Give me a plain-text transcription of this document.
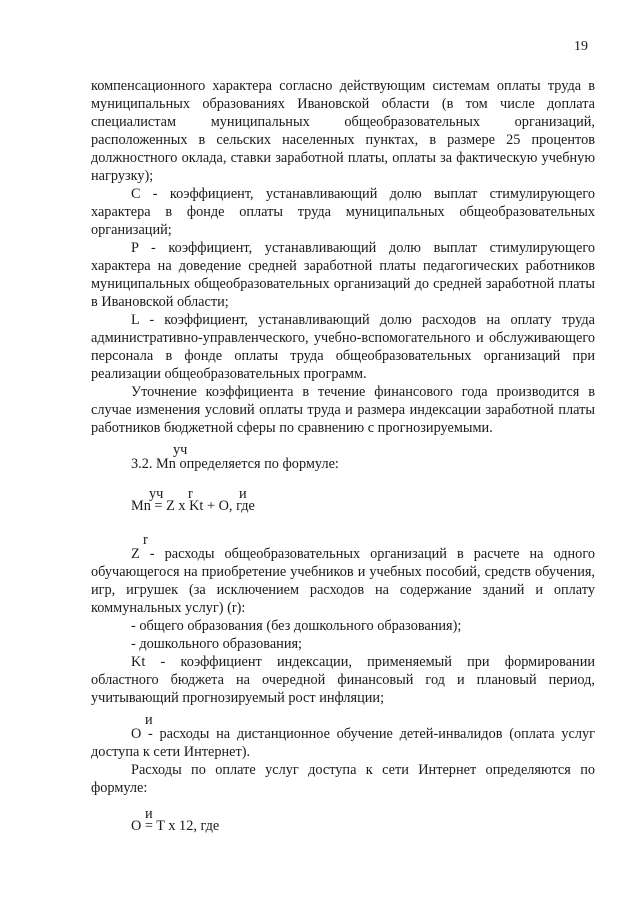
19

компенсационного характера согласно действующим системам оплаты труда в муниципальных образованиях Ивановской области (в том числе доплата специалистам муниципальных общеобразовательных организаций, расположенных в сельских населенных пунктах, в размере 25 процентов должностного оклада, ставки заработной платы, оплаты за фактическую учебную нагрузку);

C - коэффициент, устанавливающий долю выплат стимулирующего характера в фонде оплаты труда муниципальных общеобразовательных организаций;

P - коэффициент, устанавливающий долю выплат стимулирующего характера на доведение средней заработной платы педагогических работников муниципальных общеобразовательных организаций до средней заработной платы в Ивановской области;

L - коэффициент, устанавливающий долю расходов на оплату труда административно-управленческого, учебно-вспомогательного и обслуживающего персонала в фонде оплаты труда общеобразовательных организаций при реализации общеобразовательных программ.

Уточнение коэффициента в течение финансового года производится в случае изменения условий оплаты труда и размера индексации заработной платы работников бюджетной сферы по сравнению с прогнозируемыми.

уч
3.2. Mn определяется по формуле:
уч r	и
Mn = Z x Kt + O, где
r

Z - расходы общеобразовательных организаций в расчете на одного обучающегося на приобретение учебников и учебных пособий, средств обучения, игр, игрушек (за исключением расходов на содержание зданий и оплату коммунальных услуг) (r):

- общего образования (без дошкольного образования);

- дошкольного образования;

Kt - коэффициент индексации, применяемый при формировании областного бюджета на очередной финансовый год и плановый период, учитывающий прогнозируемый рост инфляции;

и

O - расходы на дистанционное обучение детей-инвалидов (оплата услуг доступа к сети Интернет).

Расходы по оплате услуг доступа к сети Интернет определяются по формуле:

и
O = T x 12, где
